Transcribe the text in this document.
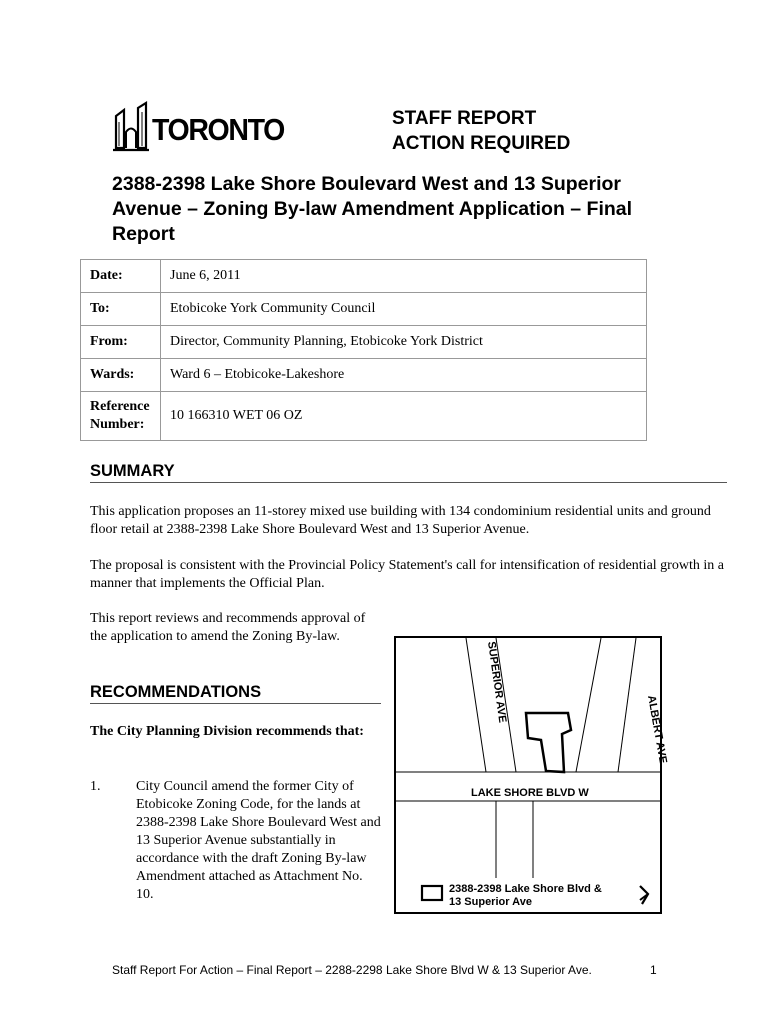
TORONTO	STAFF REPORT
ACTION REQUIRED
2388-2398 Lake Shore Boulevard West and 13 Superior Avenue – Zoning By-law Amendment Application – Final Report
Date:	June 6, 2011
To:	Etobicoke York Community Council
From:	Director, Community Planning, Etobicoke York District
Wards:	Ward 6 – Etobicoke-Lakeshore

Reference
Number:	10 166310 WET 06 OZ
SUMMARY
This application proposes an 11-storey mixed use building with 134 condominium residential units and ground floor retail at 2388-2398 Lake Shore Boulevard West and 13 Superior Avenue.
The proposal is consistent with the Provincial Policy Statement's call for intensification of residential growth in a manner that implements the Official Plan.
This report reviews and recommends approval of the application to amend the Zoning By-law.
RECOMMENDATIONS
The City Planning Division recommends that:
1.	City Council amend the former City of Etobicoke Zoning Code, for the lands at 2388-2398 Lake Shore Boulevard West and 13 Superior Avenue substantially in accordance with the draft Zoning By-law Amendment attached as Attachment No. 10.
SUPERIOR AVE
ALBERT AVE
LAKE SHORE BLVD W
2388-2398 Lake Shore Blvd &
13 Superior Ave
Staff Report For Action – Final Report – 2288-2298 Lake Shore Blvd W & 13 Superior Ave.	1
